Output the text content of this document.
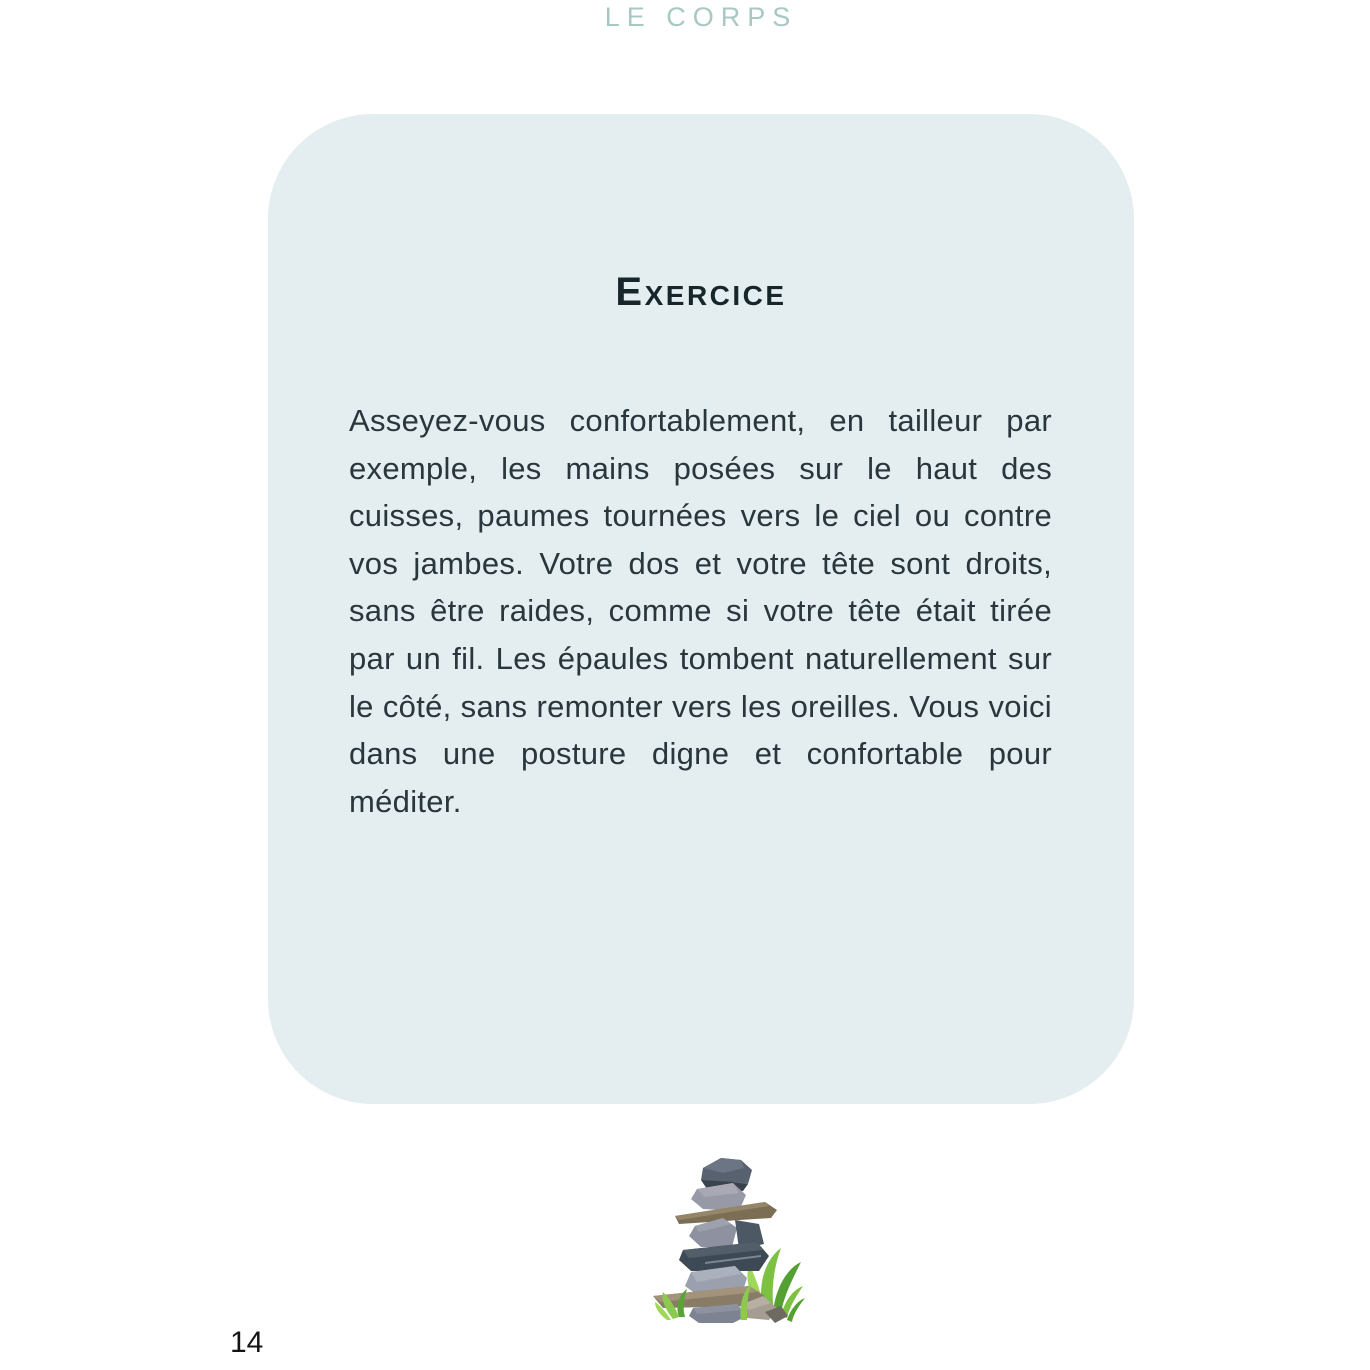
LE CORPS
Exercice

Asseyez-vous confortablement, en tailleur par exemple, les mains posées sur le haut des cuisses, paumes tournées vers le ciel ou contre vos jambes. Votre dos et votre tête sont droits, sans être raides, comme si votre tête était tirée par un fil. Les épaules tombent naturellement sur le côté, sans remonter vers les oreilles. Vous voici dans une posture digne et confortable pour méditer.

14
